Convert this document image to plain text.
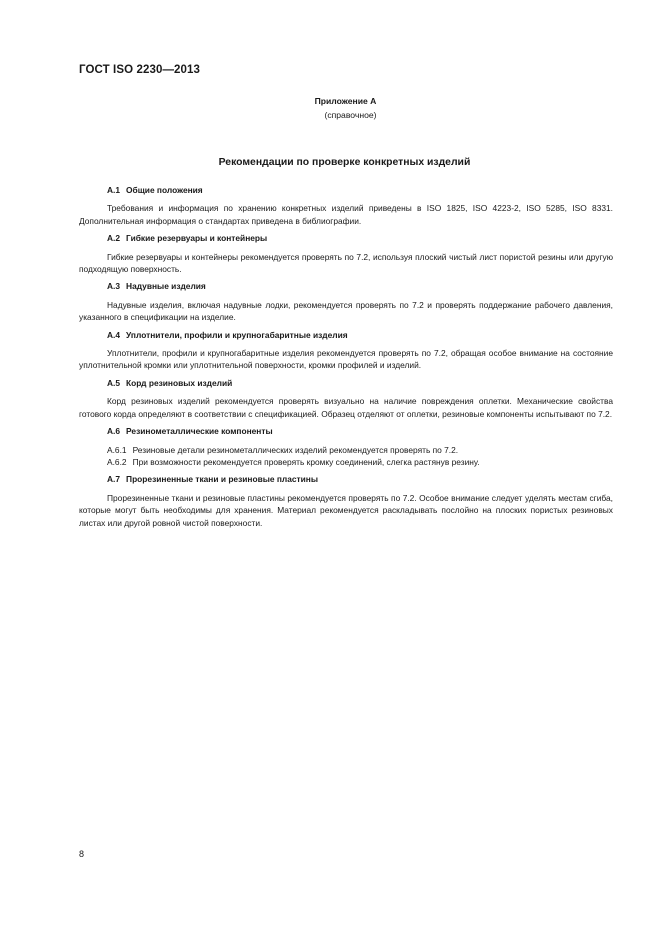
ГОСТ ISO 2230—2013
Приложение А
(справочное)
Рекомендации по проверке конкретных изделий
А.1 Общие положения

Требования и информация по хранению конкретных изделий приведены в ISO 1825, ISO 4223-2, ISO 5285, ISO 8331. Дополнительная информация о стандартах приведена в библиографии.

А.2 Гибкие резервуары и контейнеры

Гибкие резервуары и контейнеры рекомендуется проверять по 7.2, используя плоский чистый лист пористой резины или другую подходящую поверхность.

А.3 Надувные изделия

Надувные изделия, включая надувные лодки, рекомендуется проверять по 7.2 и проверять поддержание рабочего давления, указанного в спецификации на изделие.

А.4 Уплотнители, профили и крупногабаритные изделия

Уплотнители, профили и крупногабаритные изделия рекомендуется проверять по 7.2, обращая особое внимание на состояние уплотнительной кромки или уплотнительной поверхности, кромки профилей и изделий.

А.5 Корд резиновых изделий

Корд резиновых изделий рекомендуется проверять визуально на наличие повреждения оплетки. Механические свойства готового корда определяют в соответствии с спецификацией. Образец отделяют от оплетки, резиновые компоненты испытывают по 7.2.

А.6 Резинометаллические компоненты

А.6.1 Резиновые детали резинометаллических изделий рекомендуется проверять по 7.2.

А.6.2 При возможности рекомендуется проверять кромку соединений, слегка растянув резину.

А.7 Прорезиненные ткани и резиновые пластины

Прорезиненные ткани и резиновые пластины рекомендуется проверять по 7.2. Особое внимание следует уделять местам сгиба, которые могут быть необходимы для хранения. Материал рекомендуется раскладывать послойно на плоских пористых резиновых листах или другой ровной чистой поверхности.

8
